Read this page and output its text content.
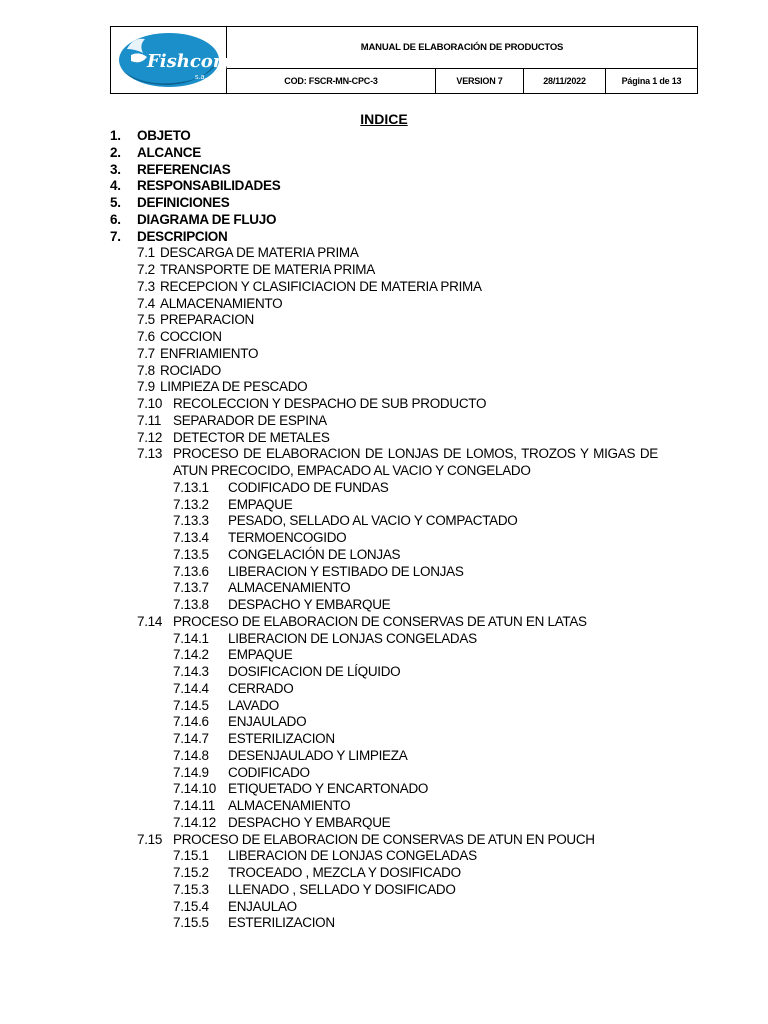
Fishcorp
s.a.
MANUAL DE ELABORACIÓN DE PRODUCTOS
COD: FSCR-MN-CPC-3	VERSION 7	28/11/2022	Página 1 de 13
INDICE
1. OBJETO
2. ALCANCE
3. REFERENCIAS
4. RESPONSABILIDADES
5. DEFINICIONES
6. DIAGRAMA DE FLUJO
7. DESCRIPCION
7.1 DESCARGA DE MATERIA PRIMA
7.2 TRANSPORTE DE MATERIA PRIMA
7.3 RECEPCION Y CLASIFICIACION DE MATERIA PRIMA
7.4 ALMACENAMIENTO
7.5 PREPARACION
7.6 COCCION
7.7 ENFRIAMIENTO
7.8 ROCIADO
7.9 LIMPIEZA DE PESCADO
7.10 RECOLECCION Y DESPACHO DE SUB PRODUCTO
7.11 SEPARADOR DE ESPINA
7.12 DETECTOR DE METALES
7.13 PROCESO DE ELABORACION DE LONJAS DE LOMOS, TROZOS Y MIGAS DE ATUN PRECOCIDO, EMPACADO AL VACIO Y CONGELADO
7.13.1 CODIFICADO DE FUNDAS
7.13.2 EMPAQUE
7.13.3 PESADO, SELLADO AL VACIO Y COMPACTADO
7.13.4 TERMOENCOGIDO
7.13.5 CONGELACIÓN DE LONJAS
7.13.6 LIBERACION Y ESTIBADO DE LONJAS
7.13.7 ALMACENAMIENTO
7.13.8 DESPACHO Y EMBARQUE
7.14 PROCESO DE ELABORACION DE CONSERVAS DE ATUN EN LATAS
7.14.1 LIBERACION DE LONJAS CONGELADAS
7.14.2 EMPAQUE
7.14.3 DOSIFICACION DE LÍQUIDO
7.14.4 CERRADO
7.14.5 LAVADO
7.14.6 ENJAULADO
7.14.7 ESTERILIZACION
7.14.8 DESENJAULADO Y LIMPIEZA
7.14.9 CODIFICADO
7.14.10 ETIQUETADO Y ENCARTONADO
7.14.11 ALMACENAMIENTO
7.14.12 DESPACHO Y EMBARQUE
7.15 PROCESO DE ELABORACION DE CONSERVAS DE ATUN EN POUCH
7.15.1 LIBERACION DE LONJAS CONGELADAS
7.15.2 TROCEADO , MEZCLA Y DOSIFICADO
7.15.3 LLENADO , SELLADO Y DOSIFICADO
7.15.4 ENJAULAO
7.15.5 ESTERILIZACION
